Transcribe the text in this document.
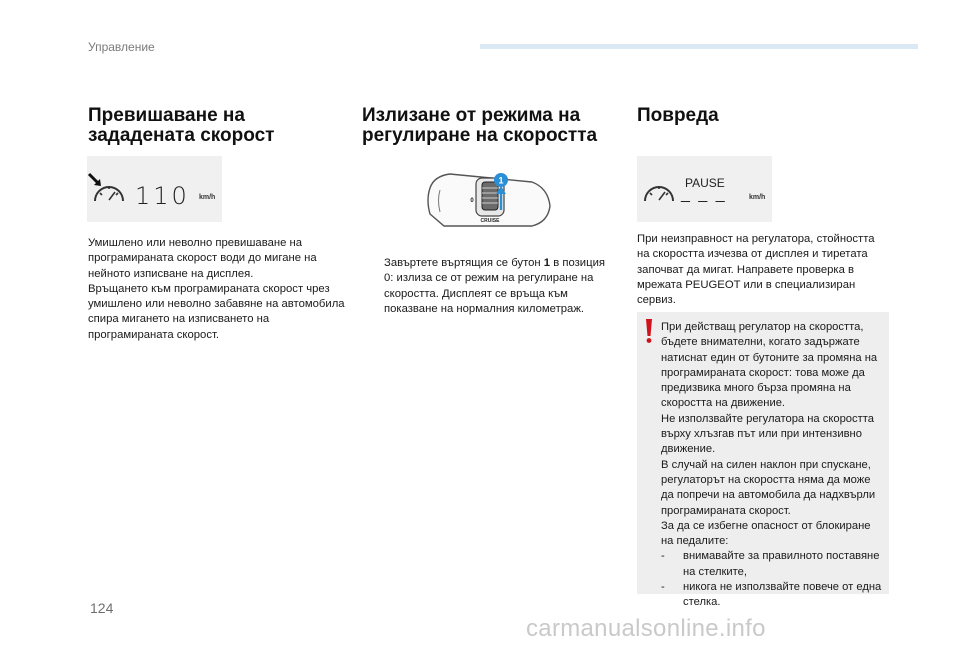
Управление
Превишаване на
зададената скорост
110 km/h

Умишлено или неволно превишаване на програмираната скорост води до мигане на нейното изписване на дисплея.

Връщането към програмираната скорост чрез умишлено или неволно забавяне на автомобила спира мигането на изписването на програмираната скорост.

Излизане от режима на
регулиране на скоростта
1
0
CRUISE

Завъртете въртящия се бутон 1 в позиция 0: излиза се от режим на регулиране на скоростта. Дисплеят се връща към показване на нормалния километраж.

Повреда
PAUSE
_ _ _	km/h

При неизправност на регулатора, стойността на скоростта изчезва от дисплея и тиретата започват да мигат. Направете проверка в мрежата PEUGEOT или в специализиран сервиз.

При действащ регулатор на скоростта, бъдете внимателни, когато задържате натиснат един от бутоните за промяна на програмираната скорост: това може да предизвика много бърза промяна на скоростта на движение.

Не използвайте регулатора на скоростта върху хлъзгав път или при интензивно движение.

В случай на силен наклон при спускане, регулаторът на скоростта няма да може да попречи на автомобила да надхвърли програмираната скорост.

За да се избегне опасност от блокиране на педалите:

- внимавайте за правилното поставяне на стелките,

- никога не използвайте повече от една стелка.

124
carmanualsonline.info
